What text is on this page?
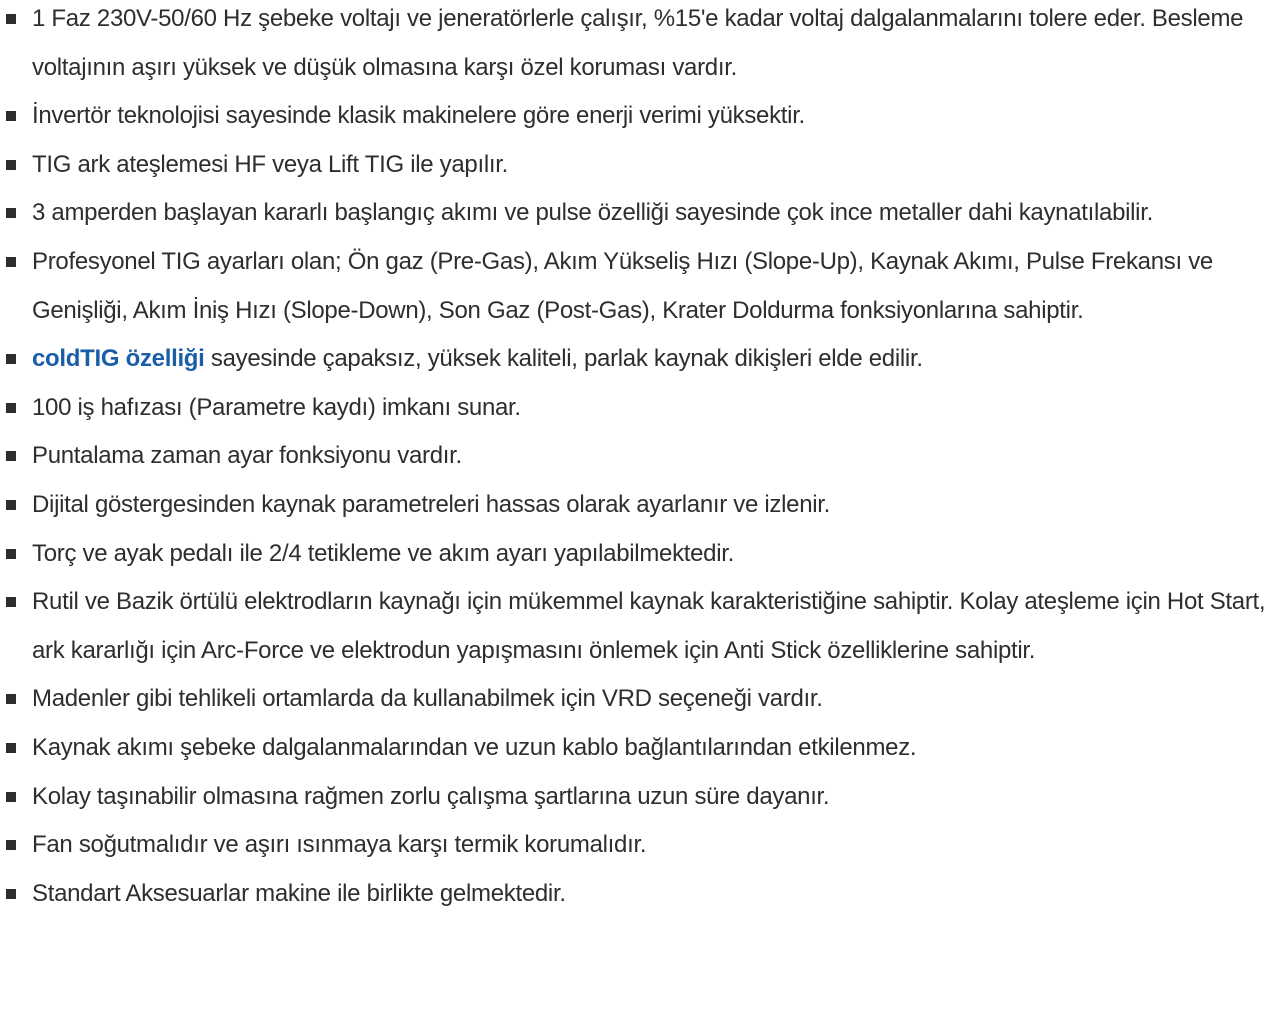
1 Faz 230V-50/60 Hz şebeke voltajı ve jeneratörlerle çalışır, %15'e kadar voltaj dalgalanmalarını tolere eder. Besleme voltajının aşırı yüksek ve düşük olmasına karşı özel koruması vardır.
İnvertör teknolojisi sayesinde klasik makinelere göre enerji verimi yüksektir.
TIG ark ateşlemesi HF veya Lift TIG ile yapılır.
3 amperden başlayan kararlı başlangıç akımı ve pulse özelliği sayesinde çok ince metaller dahi kaynatılabilir.
Profesyonel TIG ayarları olan; Ön gaz (Pre-Gas), Akım Yükseliş Hızı (Slope-Up), Kaynak Akımı, Pulse Frekansı ve Genişliği, Akım İniş Hızı (Slope-Down), Son Gaz (Post-Gas), Krater Doldurma fonksiyonlarına sahiptir.
coldTIG özelliği sayesinde çapaksız, yüksek kaliteli, parlak kaynak dikişleri elde edilir.
100 iş hafızası (Parametre kaydı) imkanı sunar.
Puntalama zaman ayar fonksiyonu vardır.
Dijital göstergesinden kaynak parametreleri hassas olarak ayarlanır ve izlenir.
Torç ve ayak pedalı ile 2/4 tetikleme ve akım ayarı yapılabilmektedir.
Rutil ve Bazik örtülü elektrodların kaynağı için mükemmel kaynak karakteristiğine sahiptir. Kolay ateşleme için Hot Start, ark kararlığı için Arc-Force ve elektrodun yapışmasını önlemek için Anti Stick özelliklerine sahiptir.
Madenler gibi tehlikeli ortamlarda da kullanabilmek için VRD seçeneği vardır.
Kaynak akımı şebeke dalgalanmalarından ve uzun kablo bağlantılarından etkilenmez.
Kolay taşınabilir olmasına rağmen zorlu çalışma şartlarına uzun süre dayanır.
Fan soğutmalıdır ve aşırı ısınmaya karşı termik korumalıdır.
Standart Aksesuarlar makine ile birlikte gelmektedir.
